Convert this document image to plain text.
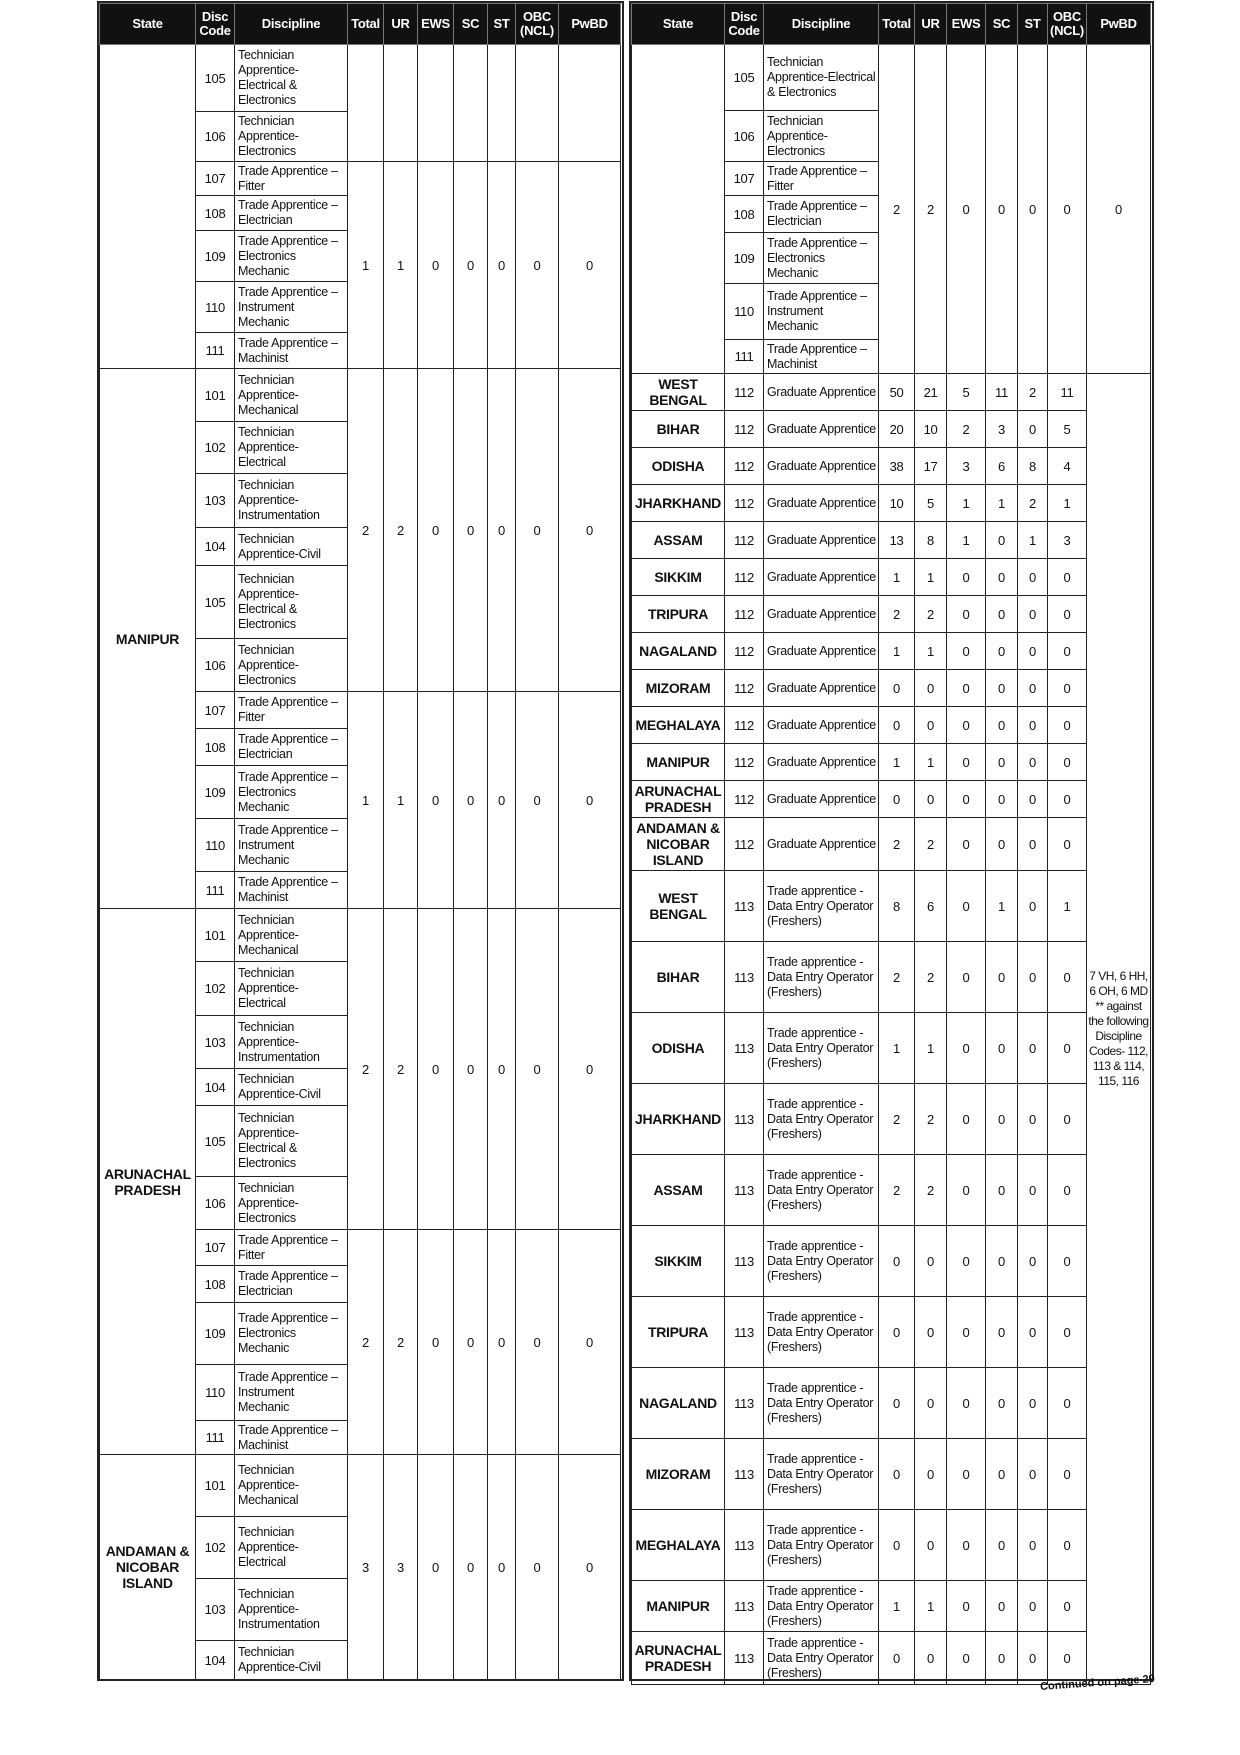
State	Disc Code	Discipline	Total	UR	EWS	SC	ST	OBC (NCL)	PwBD
	105	Technician Apprentice-Electrical & Electronics							
	106	Technician Apprentice-Electronics							
	107	Trade Apprentice – Fitter	1	1	0	0	0	0	0
	108	Trade Apprentice – Electrician							
	109	Trade Apprentice – Electronics Mechanic							
	110	Trade Apprentice – Instrument Mechanic							
	111	Trade Apprentice – Machinist							
MANIPUR	101	Technician Apprentice-Mechanical	2	2	0	0	0	0	0
	102	Technician Apprentice-Electrical							
	103	Technician Apprentice-Instrumentation							
	104	Technician Apprentice-Civil							
	105	Technician Apprentice-Electrical & Electronics							
	106	Technician Apprentice-Electronics							
	107	Trade Apprentice – Fitter	1	1	0	0	0	0	0
	108	Trade Apprentice – Electrician							
	109	Trade Apprentice – Electronics Mechanic							
	110	Trade Apprentice – Instrument Mechanic							
	111	Trade Apprentice – Machinist							
ARUNACHAL PRADESH	101	Technician Apprentice-Mechanical	2	2	0	0	0	0	0
	102	Technician Apprentice-Electrical							
	103	Technician Apprentice-Instrumentation							
	104	Technician Apprentice-Civil							
	105	Technician Apprentice-Electrical & Electronics							
	106	Technician Apprentice-Electronics							
	107	Trade Apprentice – Fitter	2	2	0	0	0	0	0
	108	Trade Apprentice – Electrician							
	109	Trade Apprentice – Electronics Mechanic							
	110	Trade Apprentice – Instrument Mechanic							
	111	Trade Apprentice – Machinist							
ANDAMAN & NICOBAR ISLAND	101	Technician Apprentice-Mechanical	3	3	0	0	0	0	0
	102	Technician Apprentice-Electrical							
	103	Technician Apprentice-Instrumentation							
	104	Technician Apprentice-Civil							
State	Disc Code	Discipline	Total	UR	EWS	SC	ST	OBC (NCL)	PwBD
	105	Technician Apprentice-Electrical & Electronics	2	2	0	0	0	0	0
	106	Technician Apprentice-Electronics							
	107	Trade Apprentice – Fitter							
	108	Trade Apprentice – Electrician							
	109	Trade Apprentice – Electronics Mechanic							
	110	Trade Apprentice – Instrument Mechanic							
	111	Trade Apprentice – Machinist							
WEST BENGAL	112	Graduate Apprentice	50	21	5	11	2	11	7 VH, 6 HH, 6 OH, 6 MD ** against the following Discipline Codes- 112, 113 & 114, 115, 116
BIHAR	112	Graduate Apprentice	20	10	2	3	0	5	
ODISHA	112	Graduate Apprentice	38	17	3	6	8	4	
JHARKHAND	112	Graduate Apprentice	10	5	1	1	2	1	
ASSAM	112	Graduate Apprentice	13	8	1	0	1	3	
SIKKIM	112	Graduate Apprentice	1	1	0	0	0	0	
TRIPURA	112	Graduate Apprentice	2	2	0	0	0	0	
NAGALAND	112	Graduate Apprentice	1	1	0	0	0	0	
MIZORAM	112	Graduate Apprentice	0	0	0	0	0	0	
MEGHALAYA	112	Graduate Apprentice	0	0	0	0	0	0	
MANIPUR	112	Graduate Apprentice	1	1	0	0	0	0	
ARUNACHAL PRADESH	112	Graduate Apprentice	0	0	0	0	0	0	
ANDAMAN & NICOBAR ISLAND	112	Graduate Apprentice	2	2	0	0	0	0	
WEST BENGAL	113	Trade apprentice - Data Entry Operator (Freshers)	8	6	0	1	0	1	
BIHAR	113	Trade apprentice - Data Entry Operator (Freshers)	2	2	0	0	0	0	
ODISHA	113	Trade apprentice - Data Entry Operator (Freshers)	1	1	0	0	0	0	
JHARKHAND	113	Trade apprentice - Data Entry Operator (Freshers)	2	2	0	0	0	0	
ASSAM	113	Trade apprentice - Data Entry Operator (Freshers)	2	2	0	0	0	0	
SIKKIM	113	Trade apprentice - Data Entry Operator (Freshers)	0	0	0	0	0	0	
TRIPURA	113	Trade apprentice - Data Entry Operator (Freshers)	0	0	0	0	0	0	
NAGALAND	113	Trade apprentice - Data Entry Operator (Freshers)	0	0	0	0	0	0	
MIZORAM	113	Trade apprentice - Data Entry Operator (Freshers)	0	0	0	0	0	0	
MEGHALAYA	113	Trade apprentice - Data Entry Operator (Freshers)	0	0	0	0	0	0	
MANIPUR	113	Trade apprentice - Data Entry Operator (Freshers)	1	1	0	0	0	0	
ARUNACHAL PRADESH	113	Trade apprentice - Data Entry Operator (Freshers)	0	0	0	0	0	0	
Continued on page 29
